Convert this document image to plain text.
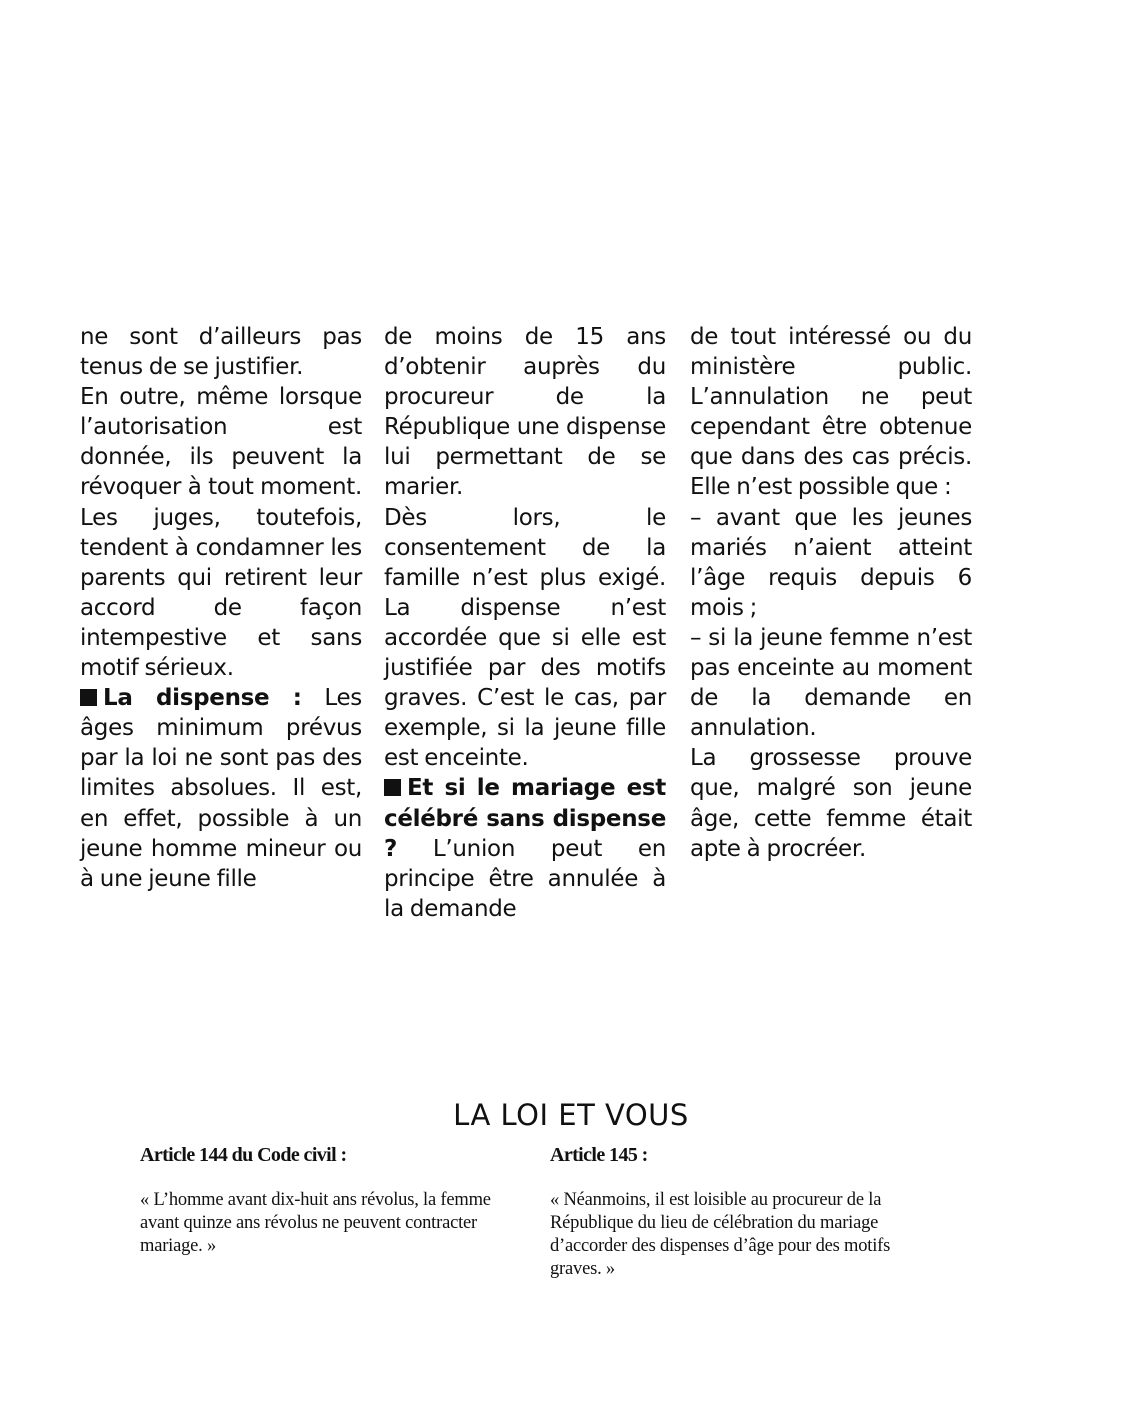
ne sont d’ailleurs pas tenus de se justifier.

En outre, même lorsque l’autorisation est donnée, ils peuvent la révoquer à tout moment. Les juges, toutefois, tendent à condamner les parents qui retirent leur accord de façon intempestive et sans motif sérieux.

La dispense : Les âges minimum prévus par la loi ne sont pas des limites absolues. Il est, en effet, possible à un jeune homme mineur ou à une jeune fille

de moins de 15 ans d’obtenir auprès du procureur de la République une dispense lui permettant de se marier.

Dès lors, le consentement de la famille n’est plus exigé. La dispense n’est accordée que si elle est justifiée par des motifs graves. C’est le cas, par exemple, si la jeune fille est enceinte.

Et si le mariage est célébré sans dispense ? L’union peut en principe être annulée à la demande

de tout intéressé ou du ministère public. L’annulation ne peut cependant être obtenue que dans des cas précis. Elle n’est possible que :

– avant que les jeunes mariés n’aient atteint l’âge requis depuis 6 mois ;

– si la jeune femme n’est pas enceinte au moment de la demande en annulation.

La grossesse prouve que, malgré son jeune âge, cette femme était apte à procréer.

LA LOI ET VOUS
Article 144 du Code civil :

« L’homme avant dix-huit ans révolus, la femme avant quinze ans révolus ne peuvent contracter mariage. »

Article 145 :

« Néanmoins, il est loisible au procureur de la République du lieu de célébration du mariage d’accorder des dispenses d’âge pour des motifs graves. »
